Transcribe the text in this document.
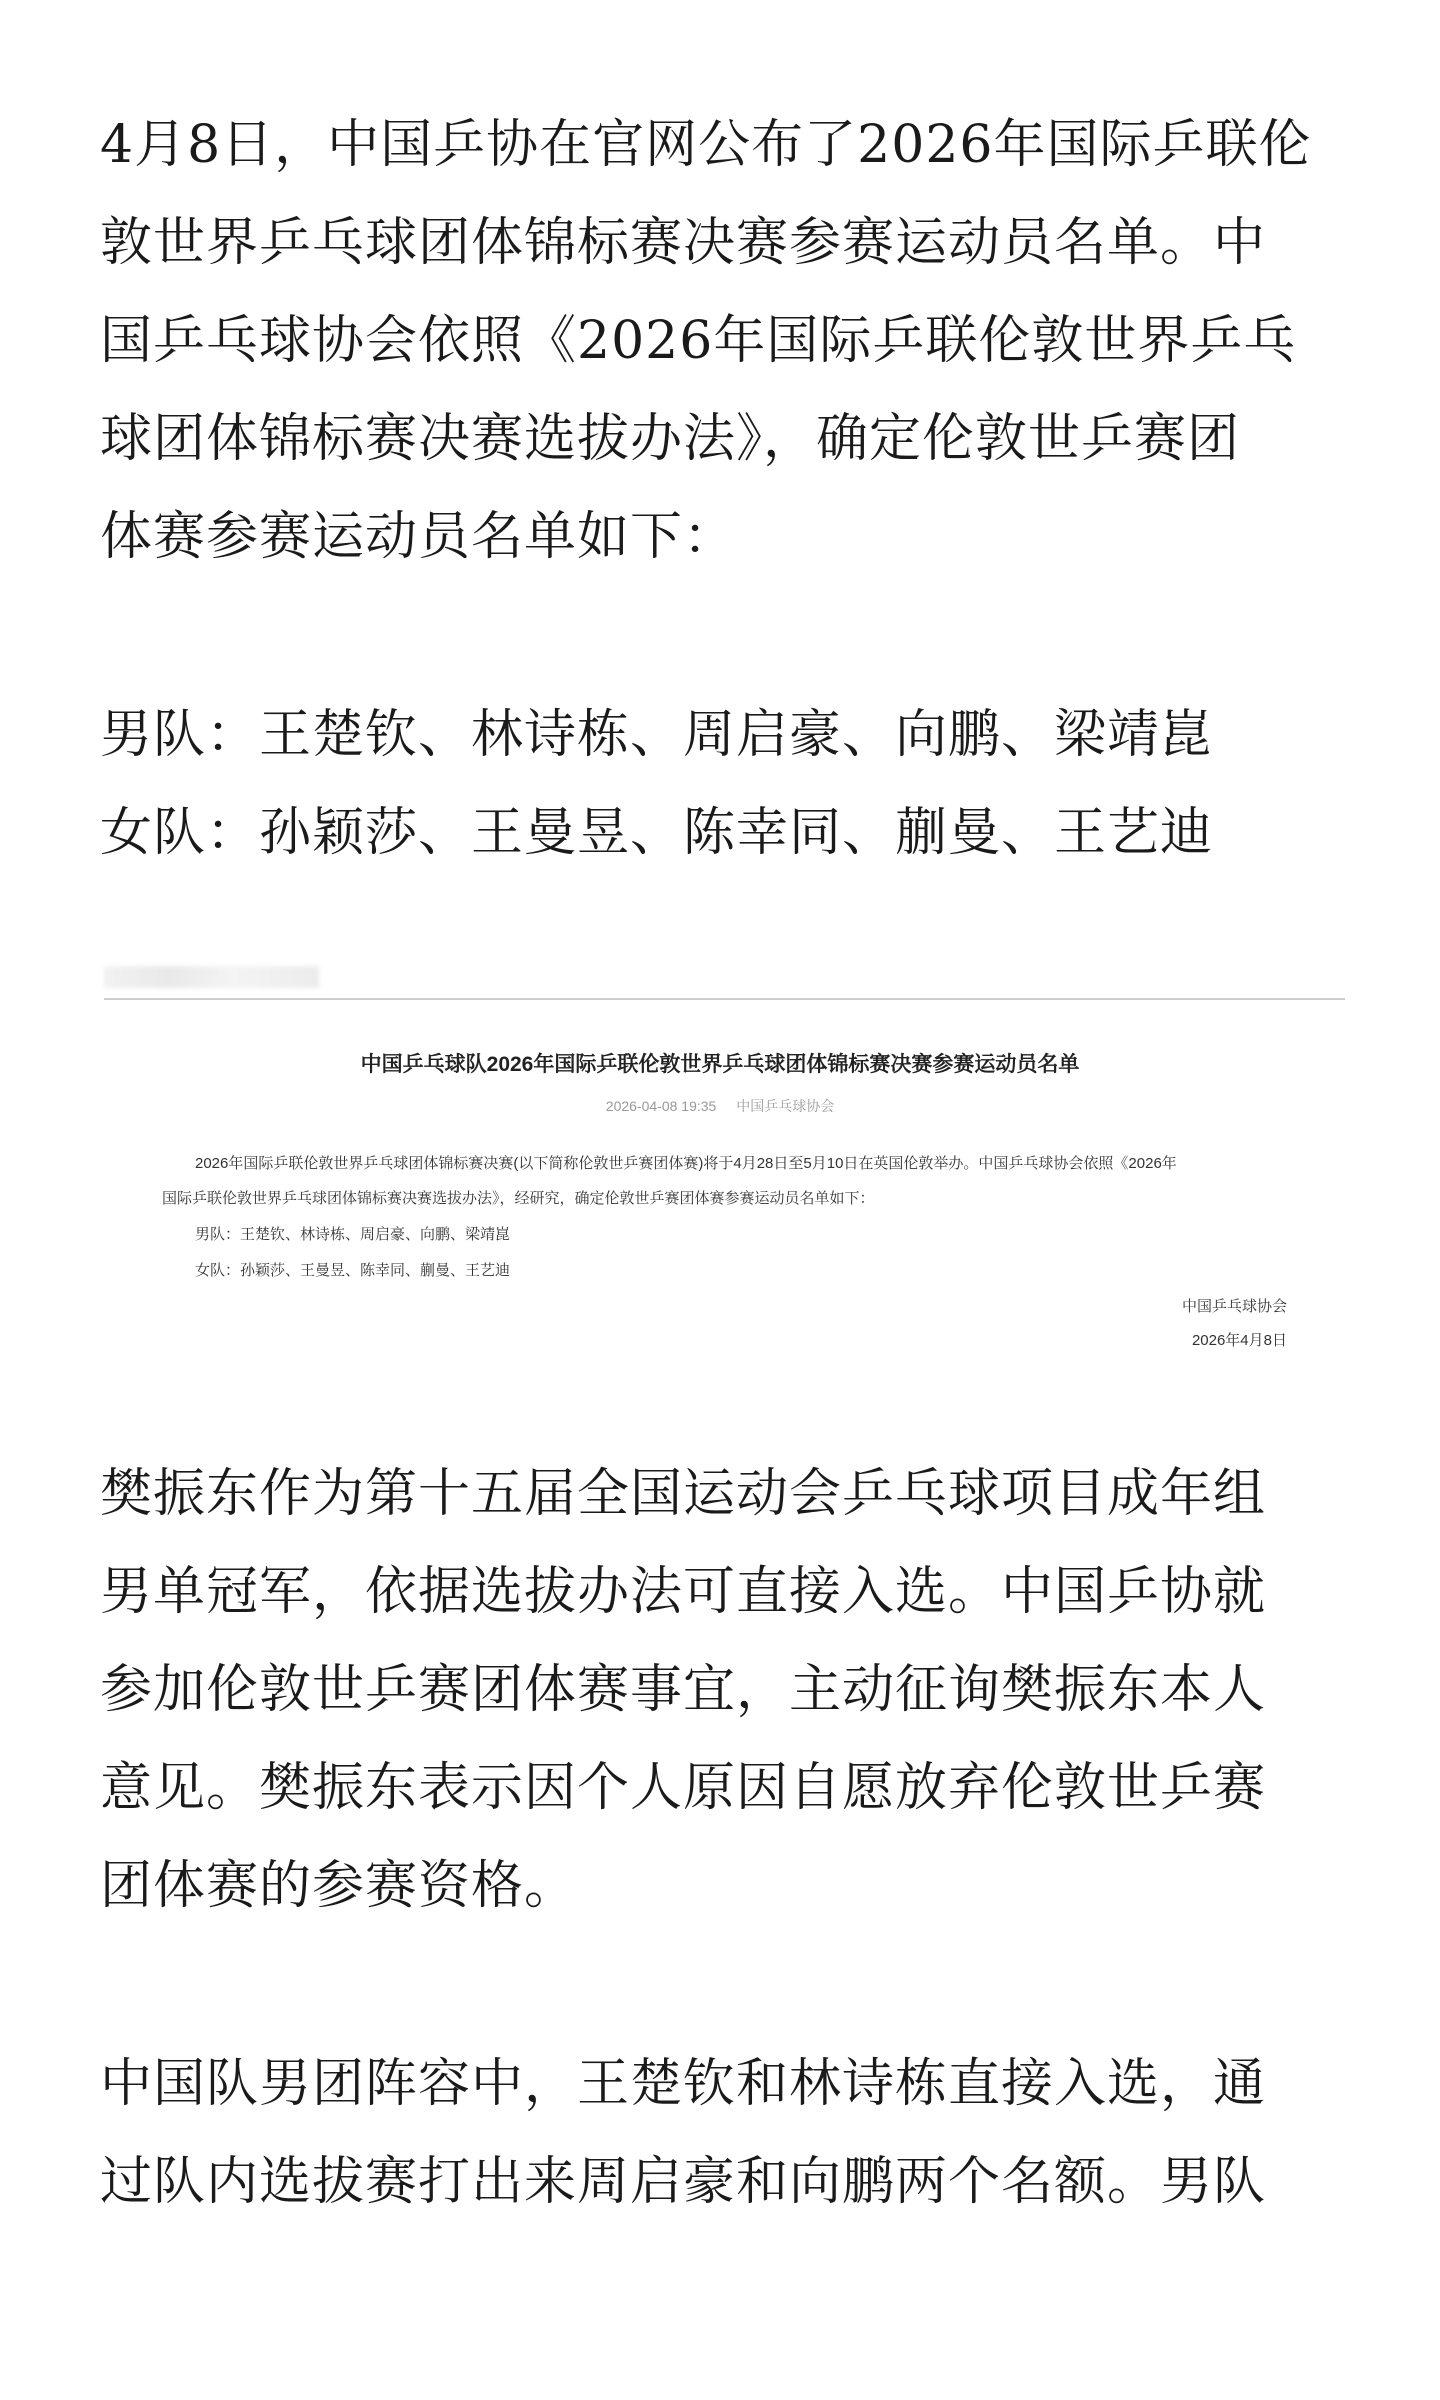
4月8日，中国乒协在官网公布了2026年国际乒联伦
敦世界乒乓球团体锦标赛决赛参赛运动员名单。中
国乒乓球协会依照《2026年国际乒联伦敦世界乒乓
球团体锦标赛决赛选拔办法》，确定伦敦世乒赛团
体赛参赛运动员名单如下：
男队：王楚钦、林诗栋、周启豪、向鹏、梁靖崑
女队：孙颖莎、王曼昱、陈幸同、蒯曼、王艺迪
中国乒乓球队2026年国际乒联伦敦世界乒乓球团体锦标赛决赛参赛运动员名单
2026-04-08 19:35 中国乒乓球协会
2026年国际乒联伦敦世界乒乓球团体锦标赛决赛(以下简称伦敦世乒赛团体赛)将于4月28日至5月10日在英国伦敦举办。中国乒乓球协会依照《2026年
国际乒联伦敦世界乒乓球团体锦标赛决赛选拔办法》，经研究，确定伦敦世乒赛团体赛参赛运动员名单如下：
男队：王楚钦、林诗栋、周启豪、向鹏、梁靖崑
女队：孙颖莎、王曼昱、陈幸同、蒯曼、王艺迪
中国乒乓球协会
2026年4月8日
樊振东作为第十五届全国运动会乒乓球项目成年组
男单冠军，依据选拔办法可直接入选。中国乒协就
参加伦敦世乒赛团体赛事宜，主动征询樊振东本人
意见。樊振东表示因个人原因自愿放弃伦敦世乒赛
团体赛的参赛资格。
中国队男团阵容中，王楚钦和林诗栋直接入选，通
过队内选拔赛打出来周启豪和向鹏两个名额。男队
